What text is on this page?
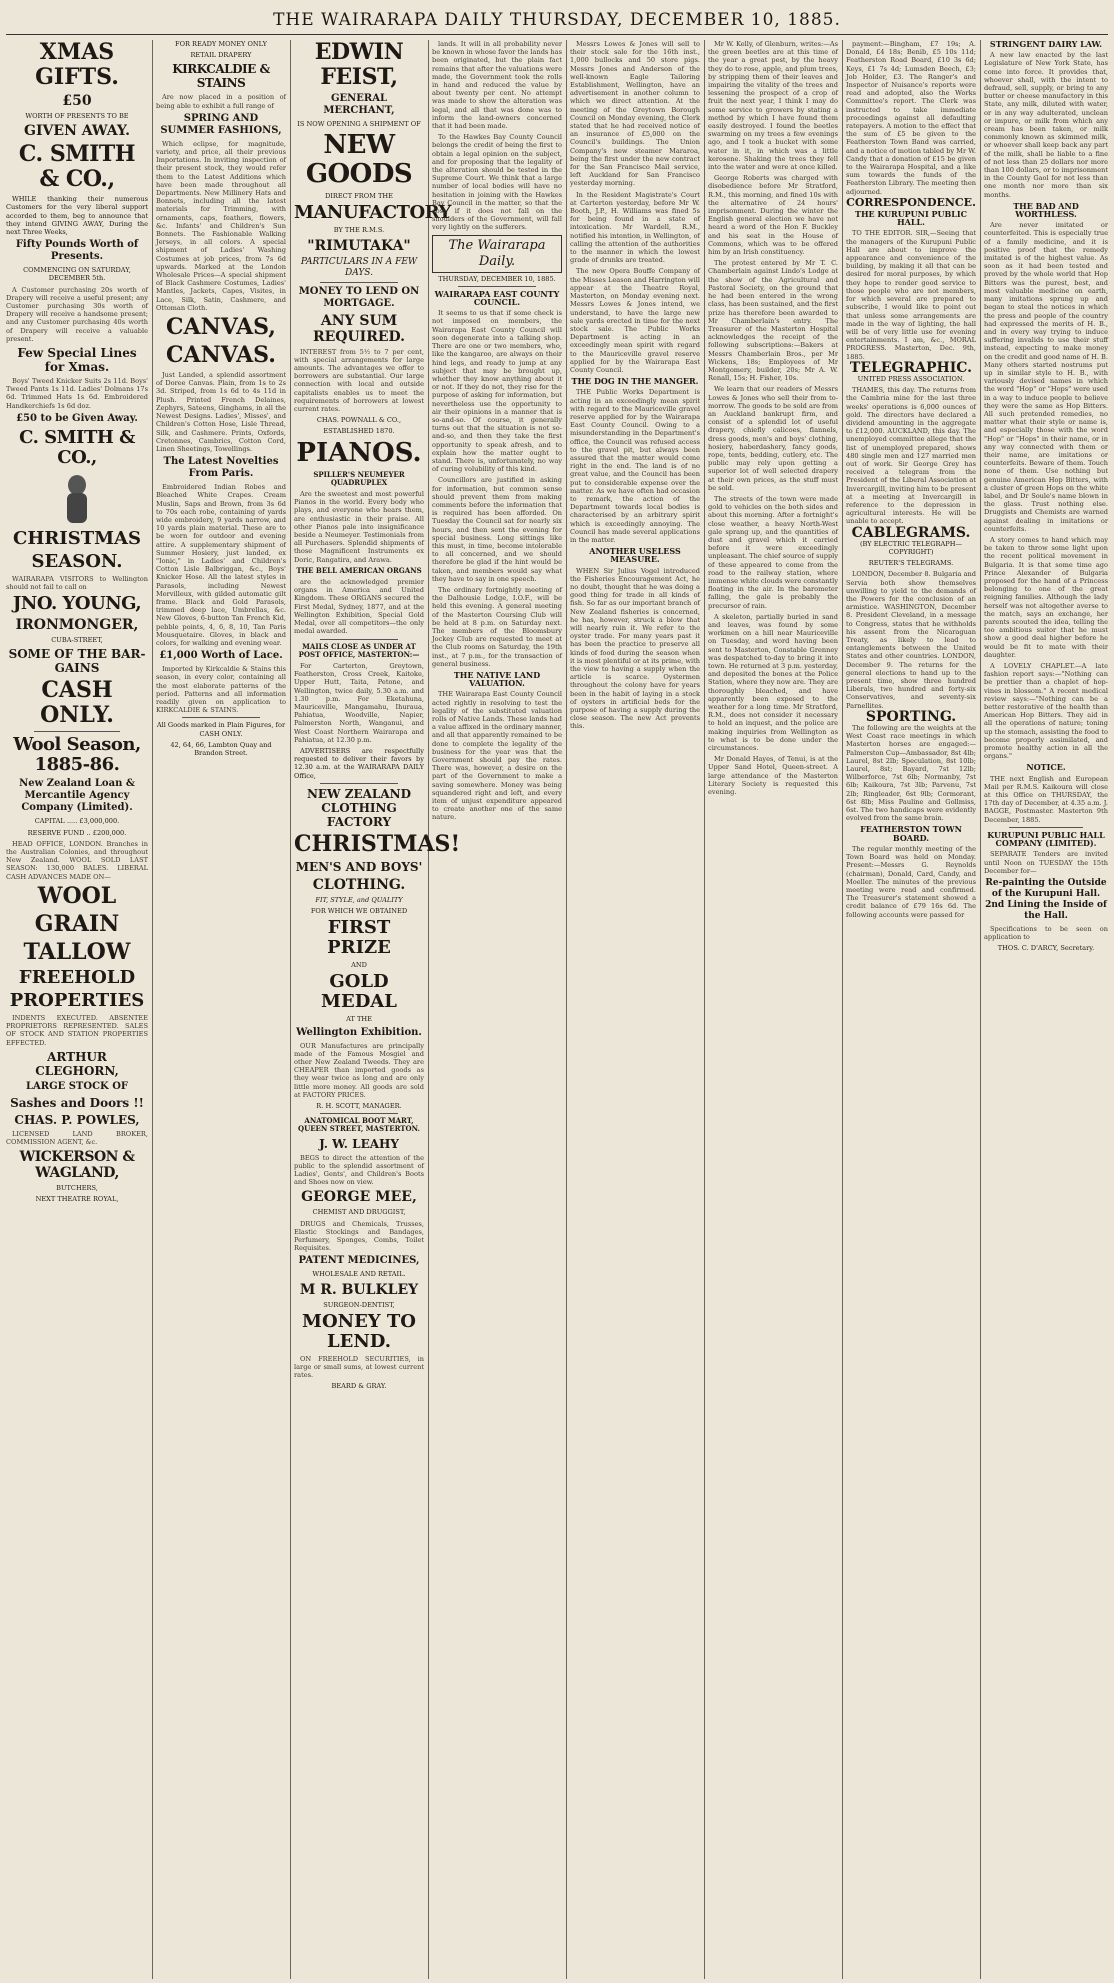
THE WAIRARAPA DAILY THURSDAY, DECEMBER 10, 1885.

XMAS GIFTS.

£50

WORTH OF PRESENTS TO BE

GIVEN AWAY.

C. SMITH & CO.,

WHILE thanking their numerous Customers for the very liberal support accorded to them, beg to announce that they intend GIVING AWAY, During the next Three Weeks,

Fifty Pounds Worth of Presents.

COMMENCING ON SATURDAY, DECEMBER 5th.

A Customer purchasing 20s worth of Drapery will receive a useful present; any Customer purchasing 30s worth of Drapery will receive a handsome present; and any Customer purchasing 40s worth of Drapery will receive a valuable present.

Few Special Lines for Xmas.

Boys' Tweed Knicker Suits 2s 11d. Boys' Tweed Pants 1s 11d. Ladies' Dolmans 17s 6d. Trimmed Hats 1s 6d. Embroidered Handkerchiefs 1s 6d doz.

£50 to be Given Away.

C. SMITH & CO.,

CHRISTMAS

SEASON.

WAIRARAPA VISITORS to Wellington should not fail to call on

JNO. YOUNG,

IRONMONGER,

CUBA-STREET,

SOME OF THE BAR-GAINS

CASH ONLY.

Wool Season, 1885-86.

New Zealand Loan & Mercantile Agency Company (Limited).

CAPITAL ..... £3,000,000.

RESERVE FUND .. £200,000.

HEAD OFFICE, LONDON. Branches in the Australian Colonies, and throughout New Zealand. WOOL SOLD LAST SEASON: 130,000 BALES. LIBERAL CASH ADVANCES MADE ON—

WOOL

GRAIN

TALLOW

FREEHOLD

PROPERTIES

INDENTS EXECUTED. ABSENTEE PROPRIETORS REPRESENTED. SALES OF STOCK AND STATION PROPERTIES EFFECTED.

ARTHUR CLEGHORN,

LARGE STOCK OF

Sashes and Doors !!

CHAS. P. POWLES,

LICENSED LAND BROKER, COMMISSION AGENT, &c.

WICKERSON & WAGLAND,

BUTCHERS,

NEXT THEATRE ROYAL,

FOR READY MONEY ONLY

RETAIL DRAPERY

KIRKCALDIE & STAINS

Are now placed in a position of being able to exhibit a full range of

SPRING AND SUMMER FASHIONS,

Which eclipse, for magnitude, variety, and price, all their previous Importations. In inviting inspection of their present stock, they would refer them to the Latest Additions which have been made throughout all Departments. New Millinery Hats and Bonnets, including all the latest materials for Trimming, with ornaments, caps, feathers, flowers, &c. Infants' and Children's Sun Bonnets. The Fashionable Walking Jerseys, in all colors. A special shipment of Ladies' Washing Costumes at job prices, from 7s 6d upwards. Marked at the London Wholesale Prices—A special shipment of Black Cashmere Costumes, Ladies' Mantles, Jackets, Capes, Visites, in Lace, Silk, Satin, Cashmere, and Ottoman Cloth.

CANVAS,

CANVAS.

Just Landed, a splendid assortment of Doree Canvas. Plain, from 1s to 2s 3d. Striped, from 1s 6d to 4s 11d in Plush. Printed French Delaines, Zephyrs, Sateens, Ginghams, in all the Newest Designs. Ladies', Misses', and Children's Cotton Hose, Lisle Thread, Silk, and Cashmere. Prints, Oxfords, Cretonnes, Cambrics, Cotton Cord, Linen Sheetings, Towellings.

The Latest Novelties From Paris.

Embroidered Indian Robes and Bleached White Crapes. Cream Muslin, Saps and Brown, from 3s 6d to 70s each robe, containing of yards wide embroidery, 9 yards narrow, and 10 yards plain material. These are to be worn for outdoor and evening attire. A supplementary shipment of Summer Hosiery, just landed, ex "Ionic," in Ladies' and Children's Cotton Lisle Balbriggan, &c., Boys' Knicker Hose. All the latest styles in Parasols, including Newest Mervilleux, with gilded automatic gilt frame. Black and Gold Parasols, trimmed deep lace, Umbrellas, &c. New Gloves, 6-button Tan French Kid, pebble points, 4, 6, 8, 10, Tan Paris Mousquetaire. Gloves, in black and colors, for walking and evening wear.

£1,000 Worth of Lace.

Imported by Kirkcaldie & Stains this season, in every color, containing all the most elaborate patterns of the period. Patterns and all information readily given on application to KIRKCALDIE & STAINS.

All Goods marked in Plain Figures, for CASH ONLY.

42, 64, 66, Lambton Quay and Brandon Street.

EDWIN FEIST,

GENERAL MERCHANT,

IS NOW OPENING A SHIPMENT OF

NEW GOODS

DIRECT FROM THE

MANUFACTORY

BY THE R.M.S.

"RIMUTAKA"

PARTICULARS IN A FEW DAYS.

MONEY TO LEND ON MORTGAGE.

ANY SUM REQUIRED.

INTEREST from 5½ to 7 per cent, with special arrangements for large amounts. The advantages we offer to borrowers are substantial. Our large connection with local and outside capitalists enables us to meet the requirements of borrowers at lowest current rates.

CHAS. POWNALL & CO.,

ESTABLISHED 1870.

PIANOS.

SPILLER'S NEUMEYER QUADRUPLEX

Are the sweetest and most powerful Pianos in the world. Every body who plays, and everyone who hears them, are enthusiastic in their praise. All other Pianos pale into insignificance beside a Neumeyer. Testimonials from all Purchasers. Splendid shipments of those Magnificent Instruments ex Doric, Rangatira, and Arawa.

THE BELL AMERICAN ORGANS

are the acknowledged premier organs in America and United Kingdom. These ORGANS secured the First Medal, Sydney, 1877, and at the Wellington Exhibition, Special Gold Medal, over all competitors—the only medal awarded.

MAILS CLOSE AS UNDER AT POST OFFICE, MASTERTON:—

For Carterton, Greytown, Featherston, Cross Creek, Kaitoke, Upper Hutt, Taita, Petone, and Wellington, twice daily, 5.30 a.m. and 1.30 p.m. For Eketahuna, Mauriceville, Mangamahu, Ihuraua, Pahiatua, Woodville, Napier, Palmerston North, Wanganui, and West Coast Northern Wairarapa and Pahiatua, at 12.30 p.m.

ADVERTISERS are respectfully requested to deliver their favors by 12.30 a.m. at the WAIRARAPA DAILY Office,

NEW ZEALAND CLOTHING FACTORY

CHRISTMAS!

MEN'S AND BOYS'

CLOTHING.

FIT, STYLE, and QUALITY

FOR WHICH WE OBTAINED

FIRST PRIZE

AND

GOLD MEDAL

AT THE

Wellington Exhibition.

OUR Manufactures are principally made of the Famous Mosgiel and other New Zealand Tweeds. They are CHEAPER than imported goods as they wear twice as long and are only little more money. All goods are sold at FACTORY PRICES.

R. H. SCOTT, MANAGER.

ANATOMICAL BOOT MART, QUEEN STREET, MASTERTON.

J. W. LEAHY

BEGS to direct the attention of the public to the splendid assortment of Ladies', Gents', and Children's Boots and Shoes now on view.

GEORGE MEE,

CHEMIST AND DRUGGIST,

DRUGS and Chemicals, Trusses, Elastic Stockings and Bandages, Perfumery, Sponges, Combs, Toilet Requisites.

PATENT MEDICINES,

WHOLESALE AND RETAIL.

M R. BULKLEY

SURGEON-DENTIST,

MONEY TO LEND.

ON FREEHOLD SECURITIES, in large or small sums, at lowest current rates.

BEARD & GRAY.

lands. It will in all probability never be known in whose favor the lands has been originated, but the plain fact remains that after the valuations were made, the Government took the rolls in hand and reduced the value by about twenty per cent. No attempt was made to show the alteration was legal, and all that was done was to inform the land-owners concerned that it had been made.

To the Hawkes Bay County Council belongs the credit of being the first to obtain a legal opinion on the subject, and for proposing that the legality of the alteration should be tested in the Supreme Court. We think that a large number of local bodies will have no hesitation in joining with the Hawkes Bay Council in the matter, so that the cost, if it does not fall on the shoulders of the Government, will fall very lightly on the sufferers.

The Wairarapa Daily.

THURSDAY, DECEMBER 10, 1885.

WAIRARAPA EAST COUNTY COUNCIL.

It seems to us that if some check is not imposed on members, the Wairarapa East County Council will soon degenerate into a talking shop. There are one or two members, who, like the kangaroo, are always on their hind legs, and ready to jump at any subject that may be brought up, whether they know anything about it or not. If they do not, they rise for the purpose of asking for information, but nevertheless use the opportunity to air their opinions in a manner that is so-and-so. Of course, it generally turns out that the situation is not so-and-so, and then they take the first opportunity to speak afresh, and to explain how the matter ought to stand. There is, unfortunately, no way of curing volubility of this kind.

Councillors are justified in asking for information, but common sense should prevent them from making comments before the information that is required has been afforded. On Tuesday the Council sat for nearly six hours, and then sent the evening for special business. Long sittings like this must, in time, become intolerable to all concerned, and we should therefore be glad if the hint would be taken, and members would say what they have to say in one speech.

The ordinary fortnightly meeting of the Dalhousie Lodge, I.O.F., will be held this evening. A general meeting of the Masterton Coursing Club will be held at 8 p.m. on Saturday next. The members of the Bloomsbury Jockey Club are requested to meet at the Club rooms on Saturday, the 19th inst., at 7 p.m., for the transaction of general business.

THE NATIVE LAND VALUATION.

THE Wairarapa East County Council acted rightly in resolving to test the legality of the substituted valuation rolls of Native Lands. These lands had a value affixed in the ordinary manner, and all that apparently remained to be done to complete the legality of the business for the year was that the Government should pay the rates. There was, however, a desire on the part of the Government to make a saving somewhere. Money was being squandered right and left, and every item of unjust expenditure appeared to create another one of the same nature.

Messrs Lowes & Jones will sell to their stock sale for the 16th inst., 1,000 bullocks and 50 store pigs. Messrs Jones and Anderson of the well-known Eagle Tailoring Establishment, Wellington, have an advertisement in another column to which we direct attention. At the meeting of the Greytown Borough Council on Monday evening, the Clerk stated that he had received notice of an insurance of £5,000 on the Council's buildings. The Union Company's new steamer Mararoa, being the first under the new contract for the San Francisco Mail service, left Auckland for San Francisco yesterday morning.

In the Resident Magistrate's Court at Carterton yesterday, before Mr W. Booth, J.P., H. Williams was fined 5s for being found in a state of intoxication. Mr Wardell, R.M., notified his intention, in Wellington, of calling the attention of the authorities to the manner in which the lowest grade of drunks are treated.

The new Opera Bouffe Company of the Misses Leason and Harrington will appear at the Theatre Royal, Masterton, on Monday evening next. Messrs Lowes & Jones intend, we understand, to have the large new sale yards erected in time for the next stock sale. The Public Works Department is acting in an exceedingly mean spirit with regard to the Mauriceville gravel reserve applied for by the Wairarapa East County Council.

THE DOG IN THE MANGER.

THE Public Works Department is acting in an exceedingly mean spirit with regard to the Mauriceville gravel reserve applied for by the Wairarapa East County Council. Owing to a misunderstanding in the Department's office, the Council was refused access to the gravel pit, but always been assured that the matter would come right in the end. The land is of no great value, and the Council has been put to considerable expense over the matter. As we have often had occasion to remark, the action of the Department towards local bodies is characterised by an arbitrary spirit which is exceedingly annoying. The Council has made several applications in the matter.

ANOTHER USELESS MEASURE.

WHEN Sir Julius Vogel introduced the Fisheries Encouragement Act, he no doubt, thought that he was doing a good thing for trade in all kinds of fish. So far as our important branch of New Zealand fisheries is concerned, he has, however, struck a blow that will nearly ruin it. We refer to the oyster trade. For many years past it has been the practice to preserve all kinds of food during the season when it is most plentiful or at its prime, with the view to having a supply when the article is scarce. Oystermen throughout the colony have for years been in the habit of laying in a stock of oysters in artificial beds for the purpose of having a supply during the close season. The new Act prevents this.

Mr W. Kelly, of Glenburn, writes:—As the green beetles are at this time of the year a great pest, by the heavy they do to rose, apple, and plum trees, by stripping them of their leaves and impairing the vitality of the trees and lessening the prospect of a crop of fruit the next year, I think I may do some service to growers by stating a method by which I have found them easily destroyed. I found the beetles swarming on my trees a few evenings ago, and I took a bucket with some water in it, in which was a little kerosene. Shaking the trees they fell into the water and were at once killed.

George Roberts was charged with disobedience before Mr Stratford, R.M., this morning, and fined 10s with the alternative of 24 hours' imprisonment. During the winter the English general election we have not heard a word of the Hon F. Buckley and his seat in the House of Commons, which was to be offered him by an Irish constituency.

The protest entered by Mr T. C. Chamberlain against Lindo's Lodge at the show of the Agricultural and Pastoral Society, on the ground that he had been entered in the wrong class, has been sustained, and the first prize has therefore been awarded to Mr Chamberlain's entry. The Treasurer of the Masterton Hospital acknowledges the receipt of the following subscriptions:—Bakers at Messrs Chamberlain Bros., per Mr Wickens, 18s; Employees of Mr Montgomery, builder, 20s; Mr A. W. Renall, 15s; H. Fisher, 10s.

We learn that our readers of Messrs Lowes & Jones who sell their from to-morrow. The goods to be sold are from an Auckland bankrupt firm, and consist of a splendid lot of useful drapery, chiefly calicoes, flannels, dress goods, men's and boys' clothing, hosiery, haberdashery, fancy goods, rope, tents, bedding, cutlery, etc. The public may rely upon getting a superior lot of well selected drapery at their own prices, as the stuff must be sold.

The streets of the town were made gold to vehicles on the both sides and about this morning. After a fortnight's close weather, a heavy North-West gale sprang up, and the quantities of dust and gravel which it carried before it were exceedingly unpleasant. The chief source of supply of these appeared to come from the road to the railway station, where immense white clouds were constantly floating in the air. In the barometer falling, the gale is probably the precursor of rain.

A skeleton, partially buried in sand and leaves, was found by some workmen on a hill near Mauriceville on Tuesday, and word having been sent to Masterton, Constable Grenney was despatched to-day to bring it into town. He returned at 3 p.m. yesterday, and deposited the bones at the Police Station, where they now are. They are thoroughly bleached, and have apparently been exposed to the weather for a long time. Mr Stratford, R.M., does not consider it necessary to hold an inquest, and the police are making inquiries from Wellington as to what is to be done under the circumstances.

Mr Donald Hayes, of Tenui, is at the Upper Sand Hotel, Queen-street. A large attendance of the Masterton Literary Society is requested this evening.

payment:—Bingham, £7 19s; A. Donald, £4 18s; Benib, £5 10s 11d; Featherston Road Board, £10 3s 6d; Keys, £1 7s 4d; Lumsden Beech, £3; Job Holder, £3. The Ranger's and Inspector of Nuisance's reports were read and adopted, also the Works Committee's report. The Clerk was instructed to take immediate proceedings against all defaulting ratepayers. A motion to the effect that the sum of £5 be given to the Featherston Town Band was carried, and a notice of motion tabled by Mr W. Candy that a donation of £15 be given to the Wairarapa Hospital, and a like sum towards the funds of the Featherston Library. The meeting then adjourned.

CORRESPONDENCE.

THE KURUPUNI PUBLIC HALL.

TO THE EDITOR. SIR,—Seeing that the managers of the Kurupuni Public Hall are about to improve the appearance and convenience of the building, by making it all that can be desired for moral purposes, by which they hope to render good service to those people who are not members, for which several are prepared to subscribe, I would like to point out that unless some arrangements are made in the way of lighting, the hall will be of very little use for evening entertainments. I am, &c., MORAL PROGRESS. Masterton, Dec. 9th, 1885.

TELEGRAPHIC.

UNITED PRESS ASSOCIATION.

THAMES, this day. The returns from the Cambria mine for the last three weeks' operations is 6,000 ounces of gold. The directors have declared a dividend amounting in the aggregate to £12,000. AUCKLAND, this day. The unemployed committee allege that the list of unemployed prepared, shows 480 single men and 127 married men out of work. Sir George Grey has received a telegram from the President of the Liberal Association at Invercargill, inviting him to be present at a meeting at Invercargill in reference to the depression in agricultural interests. He will be unable to accept.

CABLEGRAMS.

(BY ELECTRIC TELEGRAPH—COPYRIGHT)

REUTER'S TELEGRAMS.

LONDON, December 8. Bulgaria and Servia both show themselves unwilling to yield to the demands of the Powers for the conclusion of an armistice. WASHINGTON, December 8. President Cleveland, in a message to Congress, states that he withholds his assent from the Nicaraguan Treaty, as likely to lead to entanglements between the United States and other countries. LONDON, December 9. The returns for the general elections to hand up to the present time, show three hundred Liberals, two hundred and forty-six Conservatives, and seventy-six Parnellites.

SPORTING.

The following are the weights at the West Coast race meetings in which Masterton horses are engaged:—Palmerston Cup—Ambassador, 8st 4lb; Laurel, 8st 2lb; Speculation, 8st 10lb; Laurel, 8st; Bayard, 7st 12lb; Wilberforce, 7st 6lb; Normanby, 7st 6lb; Kaikoura, 7st 3lb; Parvenu, 7st 2lb; Ringleader, 6st 9lb; Cormorant, 6st 8lb; Miss Pauline and Gollmiss, 6st. The two handicaps were evidently evolved from the same brain.

FEATHERSTON TOWN BOARD.

The regular monthly meeting of the Town Board was held on Monday. Present:—Messrs G. Reynolds (chairman), Donald, Card, Candy, and Moeller. The minutes of the previous meeting were read and confirmed. The Treasurer's statement showed a credit balance of £79 16s 6d. The following accounts were passed for

STRINGENT DAIRY LAW.

A new law enacted by the last Legislature of New York State, has come into force. It provides that, whoever shall, with the intent to defraud, sell, supply, or bring to any butter or cheese manufactory in this State, any milk, diluted with water, or in any way adulterated, unclean or impure, or milk from which any cream has been taken, or milk commonly known as skimmed milk, or whoever shall keep back any part of the milk, shall be liable to a fine of not less than 25 dollars nor more than 100 dollars, or to imprisonment in the County Gaol for not less than one month nor more than six months.

THE BAD AND WORTHLESS.

Are never imitated or counterfeited. This is especially true of a family medicine, and it is positive proof that the remedy imitated is of the highest value. As soon as it had been tested and proved by the whole world that Hop Bitters was the purest, best, and most valuable medicine on earth, many imitations sprung up and began to steal the notices in which the press and people of the country had expressed the merits of H. B., and in every way trying to induce suffering invalids to use their stuff instead, expecting to make money on the credit and good name of H. B. Many others started nostrums put up in similar style to H. B., with variously devised names in which the word "Hop" or "Hops" were used in a way to induce people to believe they were the same as Hop Bitters. All such pretended remedies, no matter what their style or name is, and especially those with the word "Hop" or "Hops" in their name, or in any way connected with them or their name, are imitations or counterfeits. Beware of them. Touch none of them. Use nothing but genuine American Hop Bitters, with a cluster of green Hops on the white label, and Dr Soule's name blown in the glass. Trust nothing else. Druggists and Chemists are warned against dealing in imitations or counterfeits.

A story comes to hand which may be taken to throw some light upon the recent political movement in Bulgaria. It is that some time ago Prince Alexander of Bulgaria proposed for the hand of a Princess belonging to one of the great reigning families. Although the lady herself was not altogether averse to the match, says an exchange, her parents scouted the idea, telling the too ambitious suitor that he must show a good deal higher before he would be fit to mate with their daughter.

A LOVELY CHAPLET.—A late fashion report says:—"Nothing can be prettier than a chaplet of hop-vines in blossom." A recent medical review says:—"Nothing can be a better restorative of the health than American Hop Bitters. They aid in all the operations of nature; toning up the stomach, assisting the food to become properly assimilated, and promote healthy action in all the organs."

NOTICE.

THE next English and European Mail per R.M.S. Kaikoura will close at this Office on THURSDAY, the 17th day of December, at 4.35 a.m. J. BAGGE, Postmaster. Masterton 9th December, 1885.

KURUPUNI PUBLIC HALL COMPANY (LIMITED).

SEPARATE Tenders are invited until Noon on TUESDAY the 15th December for—

Re-painting the Outside of the Kurupuni Hall. 2nd Lining the Inside of the Hall.

Specifications to be seen on application to

THOS. C. D'ARCY, Secretary.
